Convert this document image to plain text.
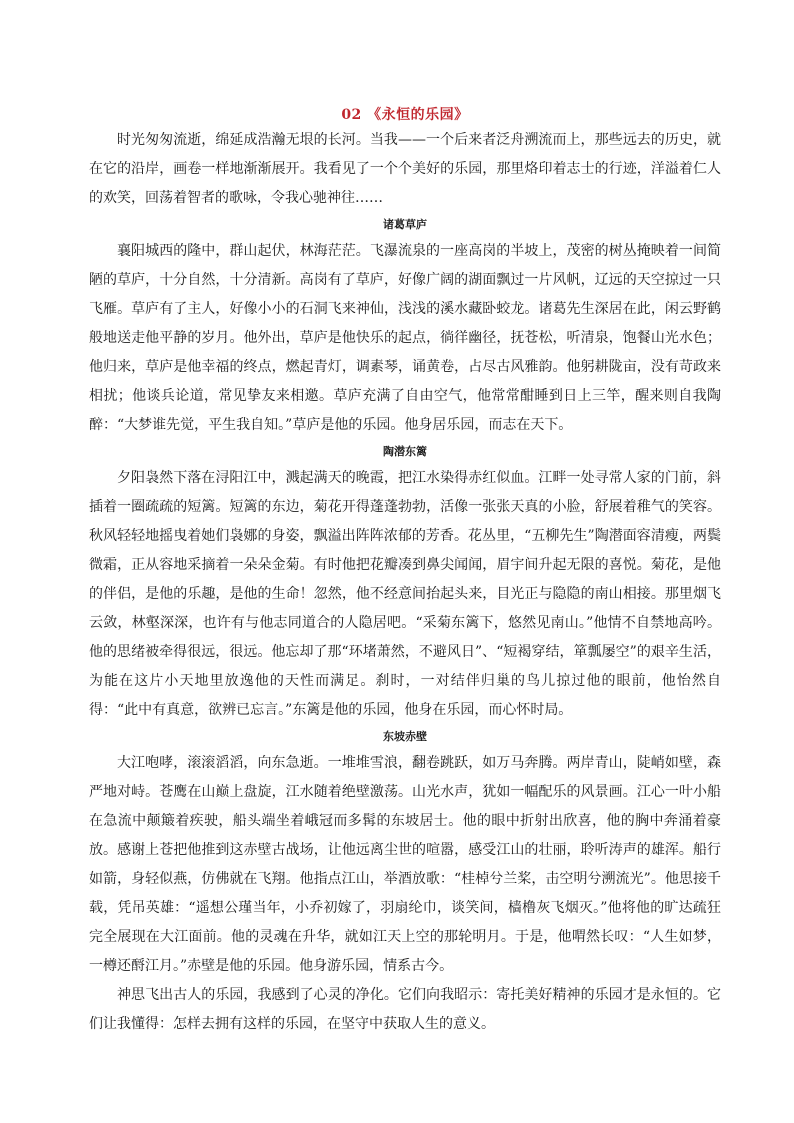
02 《永恒的乐园》

时光匆匆流逝，绵延成浩瀚无垠的长河。当我——一个后来者泛舟溯流而上，那些远去的历史，就在它的沿岸，画卷一样地渐渐展开。我看见了一个个美好的乐园，那里烙印着志士的行迹，洋溢着仁人的欢笑，回荡着智者的歌咏，令我心驰神往……

诸葛草庐

襄阳城西的隆中，群山起伏，林海茫茫。飞瀑流泉的一座高岗的半坡上，茂密的树丛掩映着一间简陋的草庐，十分自然，十分清新。高岗有了草庐，好像广阔的湖面飘过一片风帆，辽远的天空掠过一只飞雁。草庐有了主人，好像小小的石洞飞来神仙，浅浅的溪水藏卧蛟龙。诸葛先生深居在此，闲云野鹤般地送走他平静的岁月。他外出，草庐是他快乐的起点，徜徉幽径，抚苍松，听清泉，饱餐山光水色；他归来，草庐是他幸福的终点，燃起青灯，调素琴，诵黄卷，占尽古风雅韵。他躬耕陇亩，没有苛政来相扰；他谈兵论道，常见挚友来相邀。草庐充满了自由空气，他常常酣睡到日上三竿，醒来则自我陶醉：“大梦谁先觉，平生我自知。”草庐是他的乐园。他身居乐园，而志在天下。

陶潜东篱

夕阳袅然下落在浔阳江中，溅起满天的晚霞，把江水染得赤红似血。江畔一处寻常人家的门前，斜插着一圈疏疏的短篱。短篱的东边，菊花开得蓬蓬勃勃，活像一张张天真的小脸，舒展着稚气的笑容。秋风轻轻地摇曳着她们袅娜的身姿，飘溢出阵阵浓郁的芳香。花丛里，“五柳先生”陶潜面容清瘦，两鬓微霜，正从容地采摘着一朵朵金菊。有时他把花瓣凑到鼻尖闻闻，眉宇间升起无限的喜悦。菊花，是他的伴侣，是他的乐趣，是他的生命！忽然，他不经意间抬起头来，目光正与隐隐的南山相接。那里烟飞云敛，林壑深深，也许有与他志同道合的人隐居吧。“采菊东篱下，悠然见南山。”他情不自禁地高吟。他的思绪被牵得很远，很远。他忘却了那“环堵萧然，不避风日”、“短褐穿结，箪瓢屡空”的艰辛生活，为能在这片小天地里放逸他的天性而满足。刹时，一对结伴归巢的鸟儿掠过他的眼前，他怡然自得：“此中有真意，欲辨已忘言。”东篱是他的乐园，他身在乐园，而心怀时局。

东坡赤壁

大江咆哮，滚滚滔滔，向东急逝。一堆堆雪浪，翻卷跳跃，如万马奔腾。两岸青山，陡峭如壁，森严地对峙。苍鹰在山巅上盘旋，江水随着绝壁激荡。山光水声，犹如一幅配乐的风景画。江心一叶小船在急流中颠簸着疾驶，船头端坐着峨冠而多髯的东坡居士。他的眼中折射出欣喜，他的胸中奔涌着豪放。感谢上苍把他推到这赤壁古战场，让他远离尘世的喧嚣，感受江山的壮丽，聆听涛声的雄浑。船行如箭，身轻似燕，仿佛就在飞翔。他指点江山，举酒放歌：“桂棹兮兰桨，击空明兮溯流光”。他思接千载，凭吊英雄：“遥想公瑾当年，小乔初嫁了，羽扇纶巾，谈笑间，樯橹灰飞烟灭。”他将他的旷达疏狂完全展现在大江面前。他的灵魂在升华，就如江天上空的那轮明月。于是，他喟然长叹：“人生如梦，一樽还酹江月。”赤壁是他的乐园。他身游乐园，情系古今。

神思飞出古人的乐园，我感到了心灵的净化。它们向我昭示：寄托美好精神的乐园才是永恒的。它们让我懂得：怎样去拥有这样的乐园，在坚守中获取人生的意义。
